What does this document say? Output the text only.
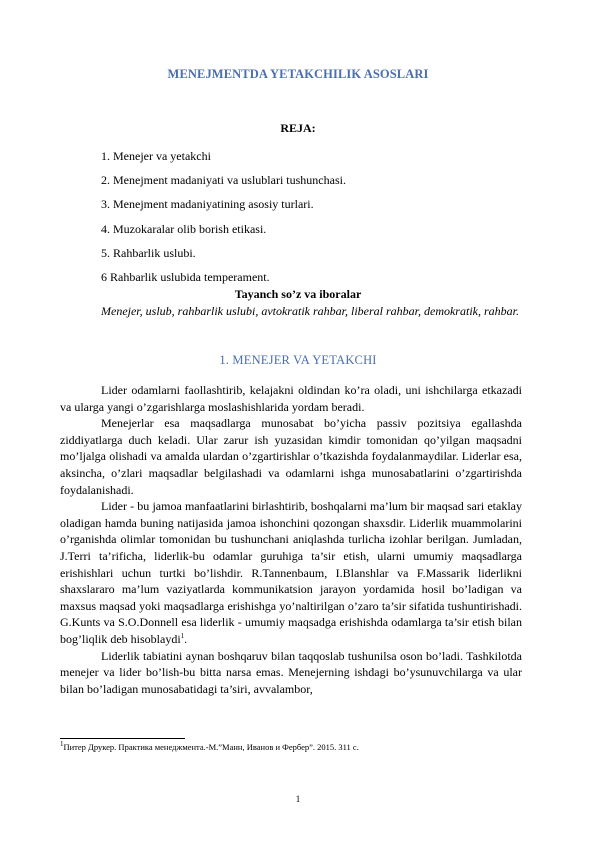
MENEJMENTDA YETAKCHILIK ASOSLARI
REJA:
1. Menejer va yetakchi
2. Menejment madaniyati va uslublari tushunchasi.
3. Menejment madaniyatining asosiy turlari.
4. Muzokaralar olib borish etikasi.
5. Rahbarlik uslubi.
6 Rahbarlik uslubida temperament.
Tayanch so’z va iboralar

Menejer, uslub, rahbarlik uslubi, avtokratik rahbar, liberal rahbar, demokratik, rahbar.

1. MENEJER VA YETAKCHI

Lider odamlarni faollashtirib, kelajakni oldindan ko’ra oladi, uni ishchilarga etkazadi va ularga yangi o’zgarishlarga moslashishlarida yordam beradi.

Menejerlar esa maqsadlarga munosabat bo’yicha passiv pozitsiya egallashda ziddiyatlarga duch keladi. Ular zarur ish yuzasidan kimdir tomonidan qo’yilgan maqsadni mo’ljalga olishadi va amalda ulardan o’zgartirishlar o’tkazishda foydalanmaydilar. Liderlar esa, aksincha, o’zlari maqsadlar belgilashadi va odamlarni ishga munosabatlarini o’zgartirishda foydalanishadi.

Lider - bu jamoa manfaatlarini birlashtirib, boshqalarni ma’lum bir maqsad sari etaklay oladigan hamda buning natijasida jamoa ishonchini qozongan shaxsdir. Liderlik muammolarini o’rganishda olimlar tomonidan bu tushunchani aniqlashda turlicha izohlar berilgan. Jumladan, J.Terri ta’rificha, liderlik-bu odamlar guruhiga ta’sir etish, ularni umumiy maqsadlarga erishishlari uchun turtki bo’lishdir. R.Tannenbaum, I.Blanshlar va F.Massarik liderlikni shaxslararo ma’lum vaziyatlarda kommunikatsion jarayon yordamida hosil bo’ladigan va maxsus maqsad yoki maqsadlarga erishishga yo’naltirilgan o’zaro ta’sir sifatida tushuntirishadi. G.Kunts va S.O.Donnell esa liderlik - umumiy maqsadga erishishda odamlarga ta’sir etish bilan bog’liqlik deb hisoblaydi$^1$.

Liderlik tabiatini aynan boshqaruv bilan taqqoslab tushunilsa oson bo’ladi. Tashkilotda menejer va lider bo’lish-bu bitta narsa emas. Menejerning ishdagi bo’ysunuvchilarga va ular bilan bo’ladigan munosabatidagi ta’siri, avvalambor,

$^1$Питер Друкер. Практика менеджмента.-М.”Манн, Иванов и Фербер”. 2015. 311 с.
1
